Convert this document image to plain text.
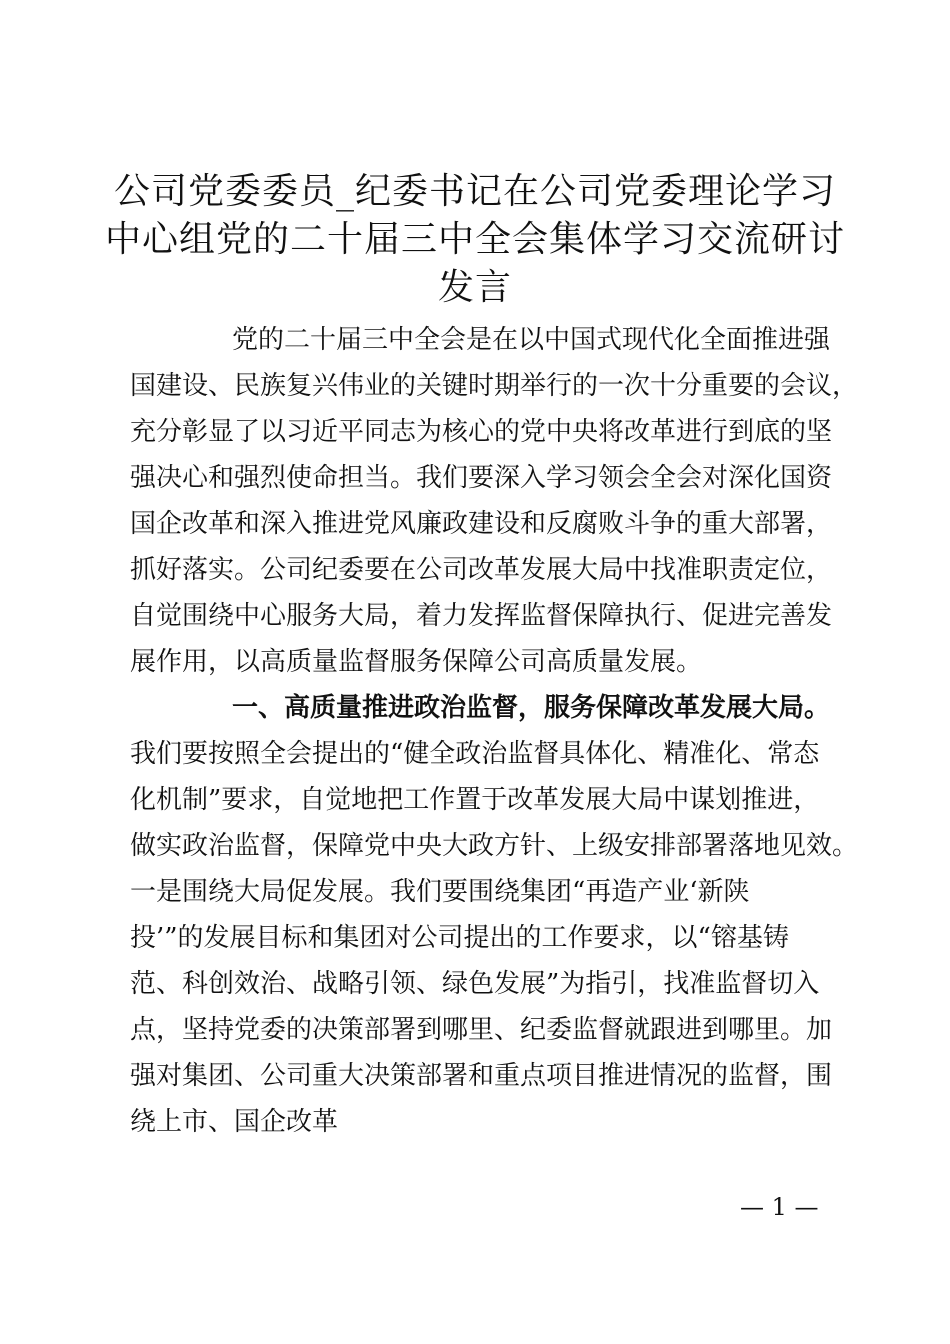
公司党委委员_纪委书记在公司党委理论学习
中心组党的二十届三中全会集体学习交流研讨
发言
党的二十届三中全会是在以中国式现代化全面推进强
国建设、民族复兴伟业的关键时期举行的一次十分重要的会议，
充分彰显了以习近平同志为核心的党中央将改革进行到底的坚
强决心和强烈使命担当。我们要深入学习领会全会对深化国资
国企改革和深入推进党风廉政建设和反腐败斗争的重大部署，
抓好落实。公司纪委要在公司改革发展大局中找准职责定位，
自觉围绕中心服务大局，着力发挥监督保障执行、促进完善发
展作用，以高质量监督服务保障公司高质量发展。
一、高质量推进政治监督，服务保障改革发展大局。
我们要按照全会提出的“健全政治监督具体化、精准化、常态
化机制”要求，自觉地把工作置于改革发展大局中谋划推进，
做实政治监督，保障党中央大政方针、上级安排部署落地见效。
一是围绕大局促发展。我们要围绕集团“再造产业‘新陕
投’”的发展目标和集团对公司提出的工作要求，以“镕基铸
范、科创效治、战略引领、绿色发展”为指引，找准监督切入
点，坚持党委的决策部署到哪里、纪委监督就跟进到哪里。加
强对集团、公司重大决策部署和重点项目推进情况的监督，围
绕上市、国企改革
— 1 —
